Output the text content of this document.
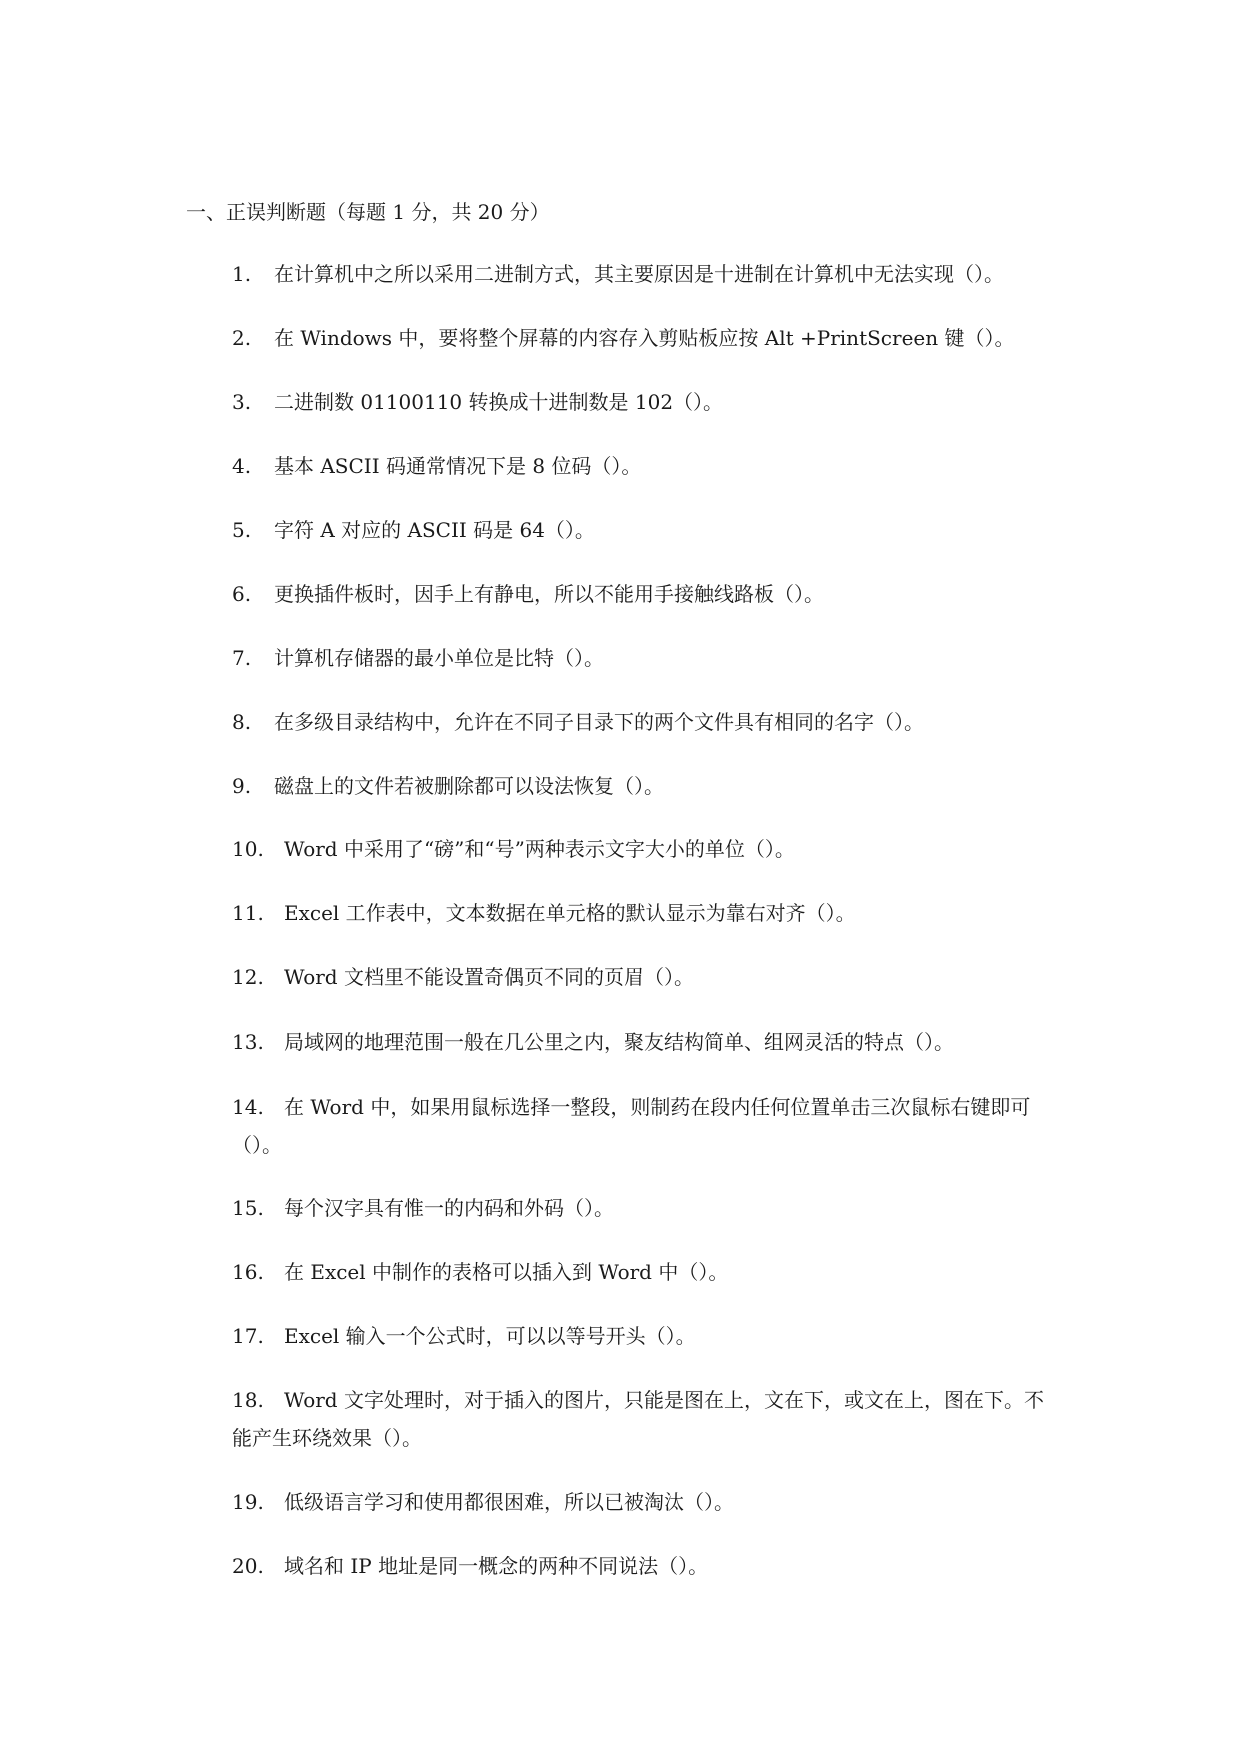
一、正误判断题（每题 1 分，共 20 分）
1. 在计算机中之所以采用二进制方式，其主要原因是十进制在计算机中无法实现（）。
2. 在 Windows 中，要将整个屏幕的内容存入剪贴板应按 Alt +PrintScreen 键（）。
3. 二进制数 01100110 转换成十进制数是 102（）。
4. 基本 ASCII 码通常情况下是 8 位码（）。
5. 字符 A 对应的 ASCII 码是 64（）。
6. 更换插件板时，因手上有静电，所以不能用手接触线路板（）。
7. 计算机存储器的最小单位是比特（）。
8. 在多级目录结构中，允许在不同子目录下的两个文件具有相同的名字（）。
9. 磁盘上的文件若被删除都可以设法恢复（）。
10. Word 中采用了“磅”和“号”两种表示文字大小的单位（）。
11. Excel 工作表中，文本数据在单元格的默认显示为靠右对齐（）。
12. Word 文档里不能设置奇偶页不同的页眉（）。
13. 局域网的地理范围一般在几公里之内，聚友结构简单、组网灵活的特点（）。
14. 在 Word 中，如果用鼠标选择一整段，则制药在段内任何位置单击三次鼠标右键即可（）。
15. 每个汉字具有惟一的内码和外码（）。
16. 在 Excel 中制作的表格可以插入到 Word 中（）。
17. Excel 输入一个公式时，可以以等号开头（）。
18. Word 文字处理时，对于插入的图片，只能是图在上，文在下，或文在上，图在下。不能产生环绕效果（）。
19. 低级语言学习和使用都很困难，所以已被淘汰（）。
20. 域名和 IP 地址是同一概念的两种不同说法（）。
